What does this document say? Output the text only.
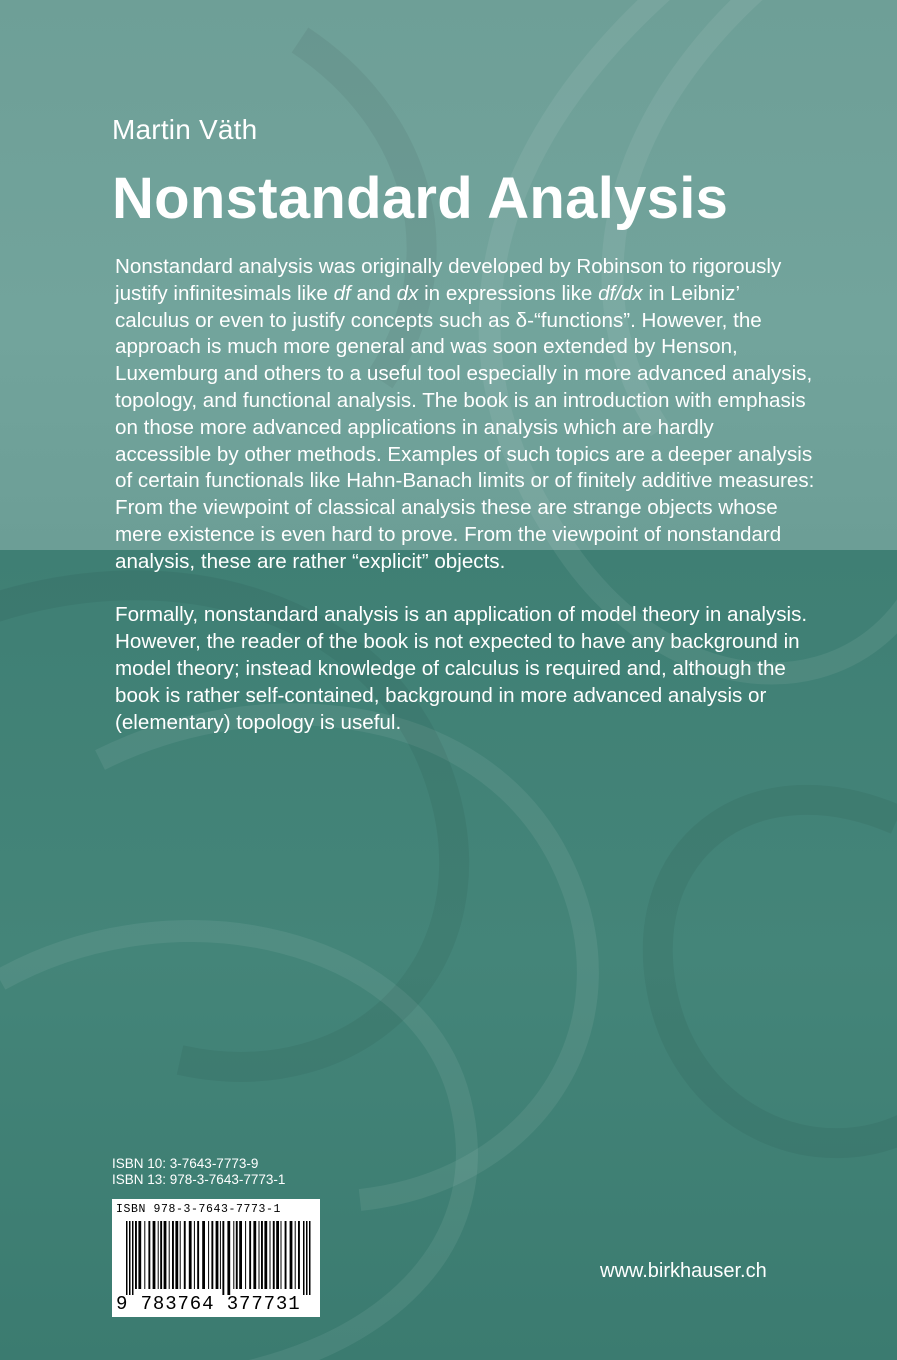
Martin Väth
Nonstandard Analysis

Nonstandard analysis was originally developed by Robinson to rigorously justify infinitesimals like df and dx in expressions like df/dx in Leibniz’ calculus or even to justify concepts such as δ-“functions”. However, the approach is much more general and was soon extended by Henson, Luxemburg and others to a useful tool especially in more advanced analysis, topology, and functional analysis. The book is an introduction with emphasis on those more advanced applications in analysis which are hardly accessible by other methods. Examples of such topics are a deeper analysis of certain functionals like Hahn-Banach limits or of finitely additive measures: From the viewpoint of classical analysis these are strange objects whose mere existence is even hard to prove. From the viewpoint of nonstandard analysis, these are rather “explicit” objects.

Formally, nonstandard analysis is an application of model theory in analysis. However, the reader of the book is not expected to have any background in model theory; instead knowledge of calculus is required and, although the book is rather self-contained, background in more advanced analysis or (elementary) topology is useful.

ISBN 10: 3-7643-7773-9
ISBN 13: 978-3-7643-7773-1
ISBN 978-3-7643-7773-1
9 783764 377731
www.birkhauser.ch
